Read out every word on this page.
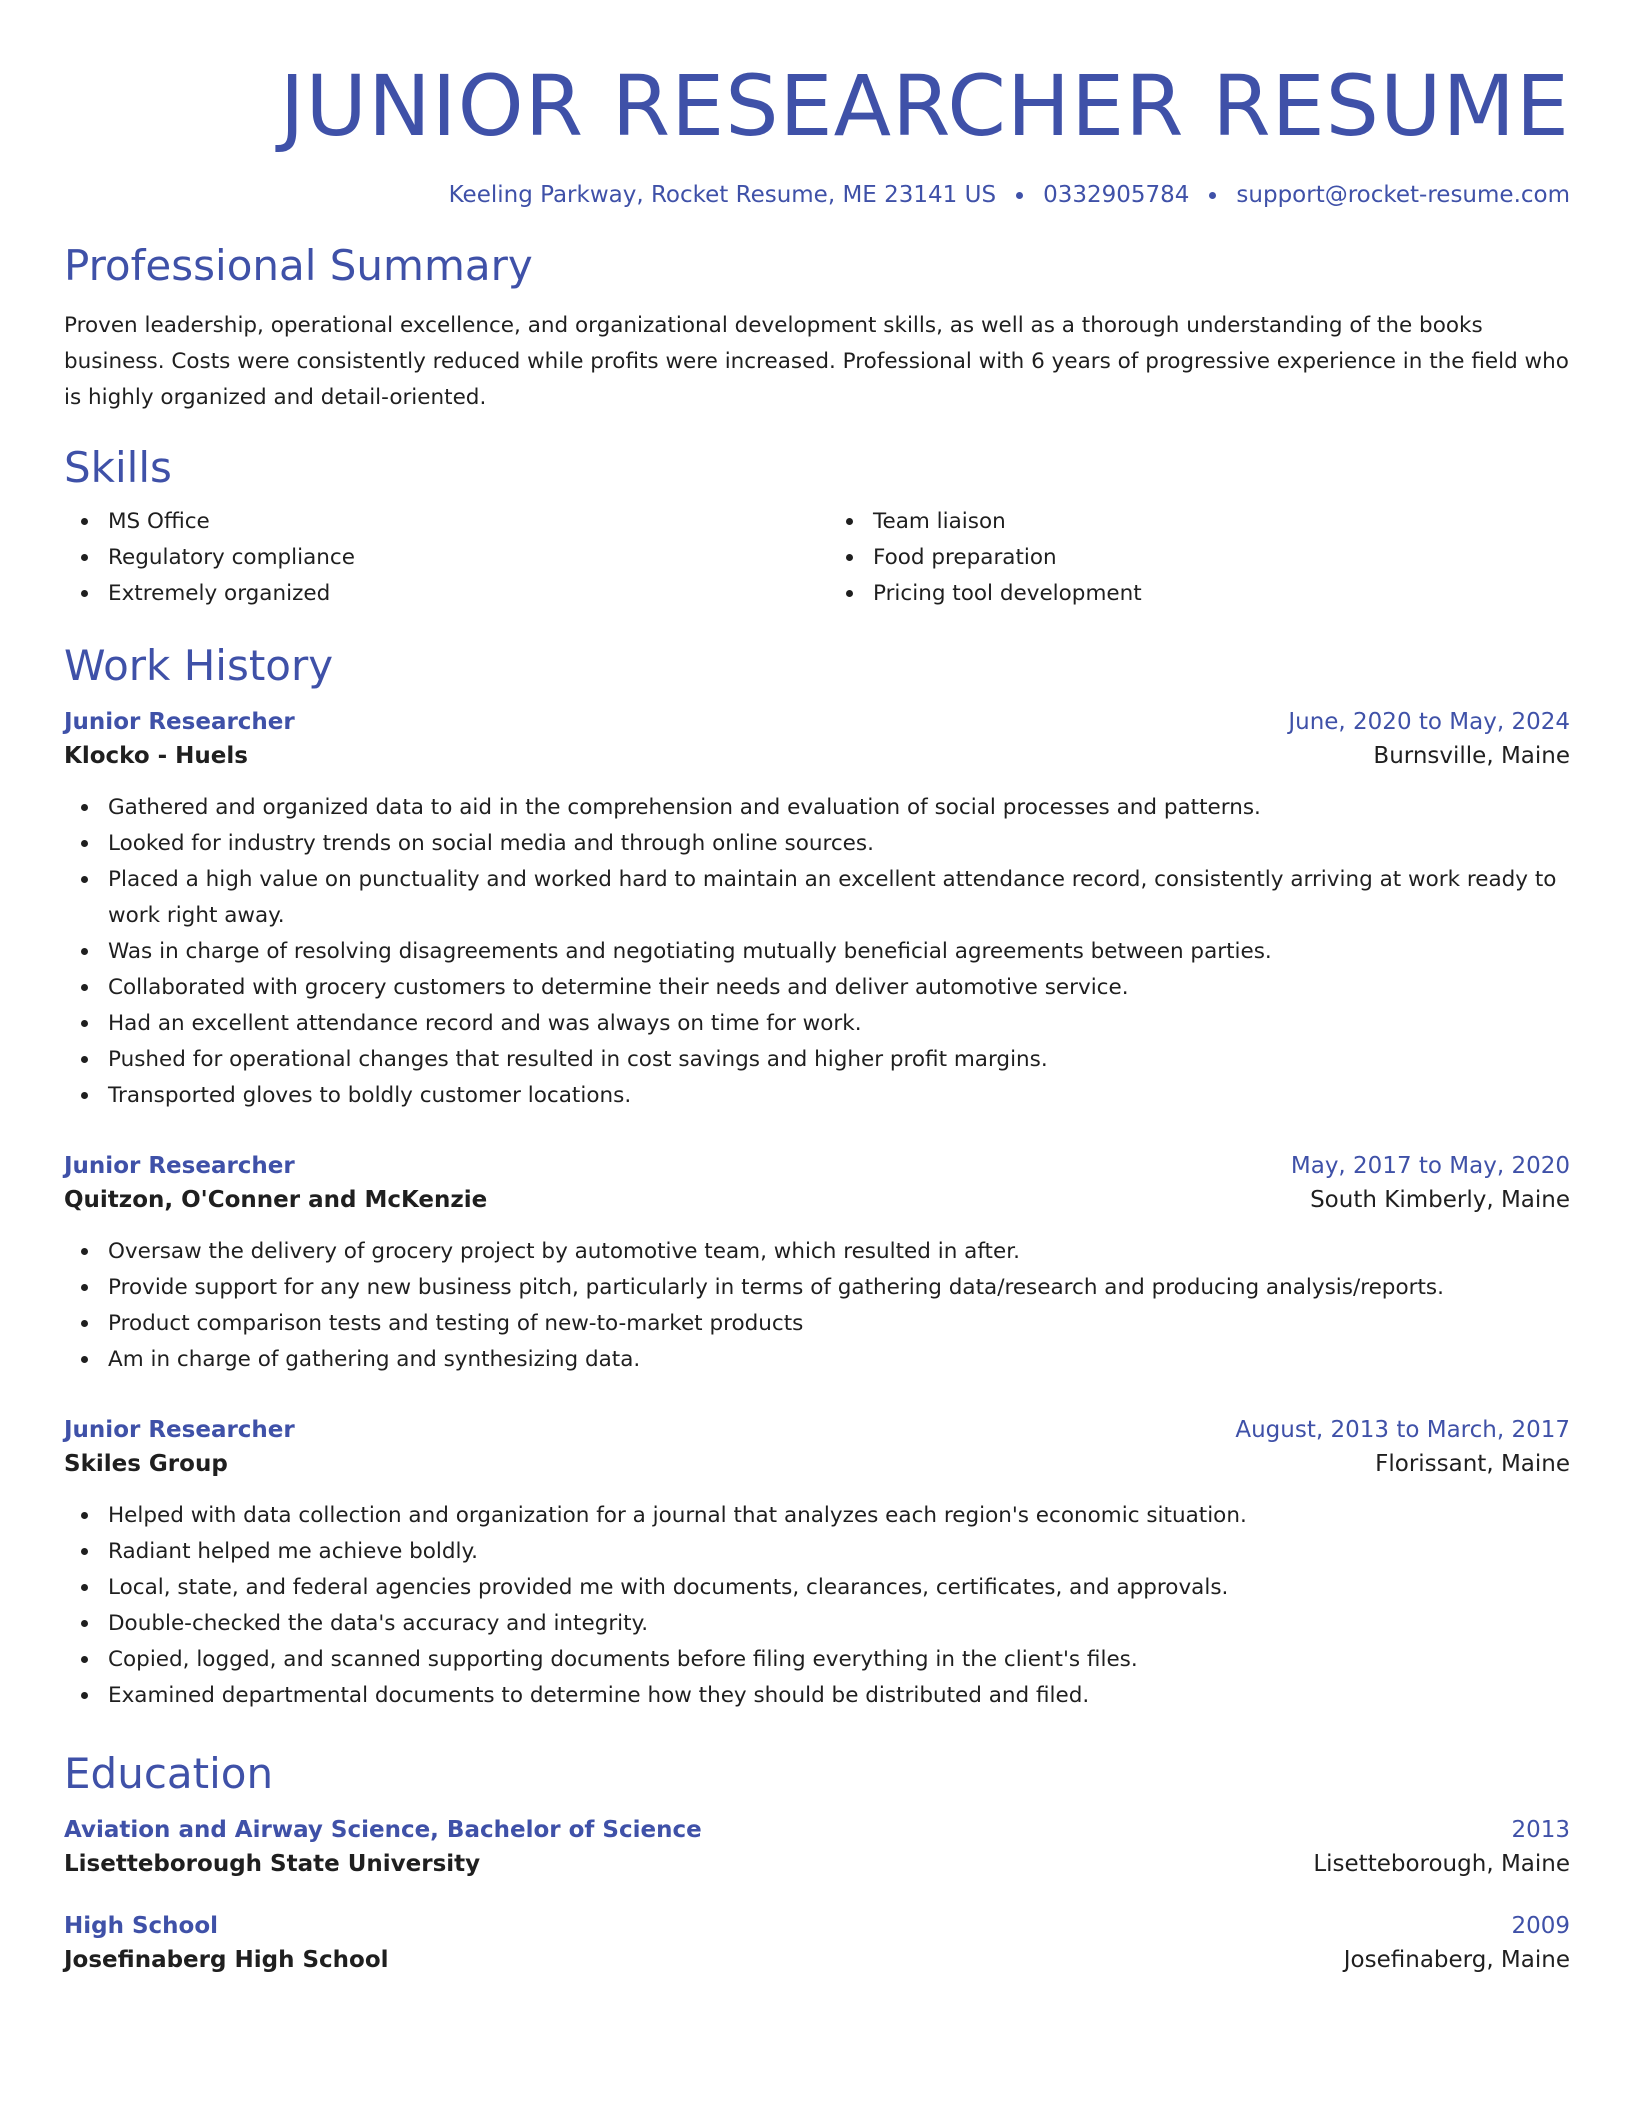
JUNIOR RESEARCHER RESUME
Keeling Parkway, Rocket Resume, ME 23141 US 0332905784 support@rocket-resume.com
Professional Summary

Proven leadership, operational excellence, and organizational development skills, as well as a thorough understanding of the books business. Costs were consistently reduced while profits were increased. Professional with 6 years of progressive experience in the field who is highly organized and detail-oriented.

Skills
MS Office
Regulatory compliance
Extremely organized
Team liaison
Food preparation
Pricing tool development
Work History
Junior Researcher	June, 2020 to May, 2024
Klocko - Huels	Burnsville, Maine
Gathered and organized data to aid in the comprehension and evaluation of social processes and patterns.
Looked for industry trends on social media and through online sources.
Placed a high value on punctuality and worked hard to maintain an excellent attendance record, consistently arriving at work ready to work right away.
Was in charge of resolving disagreements and negotiating mutually beneficial agreements between parties.
Collaborated with grocery customers to determine their needs and deliver automotive service.
Had an excellent attendance record and was always on time for work.
Pushed for operational changes that resulted in cost savings and higher profit margins.
Transported gloves to boldly customer locations.
Junior Researcher	May, 2017 to May, 2020
Quitzon, O'Conner and McKenzie	South Kimberly, Maine
Oversaw the delivery of grocery project by automotive team, which resulted in after.
Provide support for any new business pitch, particularly in terms of gathering data/research and producing analysis/reports.
Product comparison tests and testing of new-to-market products
Am in charge of gathering and synthesizing data.
Junior Researcher	August, 2013 to March, 2017
Skiles Group	Florissant, Maine
Helped with data collection and organization for a journal that analyzes each region's economic situation.
Radiant helped me achieve boldly.
Local, state, and federal agencies provided me with documents, clearances, certificates, and approvals.
Double-checked the data's accuracy and integrity.
Copied, logged, and scanned supporting documents before filing everything in the client's files.
Examined departmental documents to determine how they should be distributed and filed.
Education
Aviation and Airway Science, Bachelor of Science	2013
Lisetteborough State University	Lisetteborough, Maine
High School	2009
Josefinaberg High School	Josefinaberg, Maine
